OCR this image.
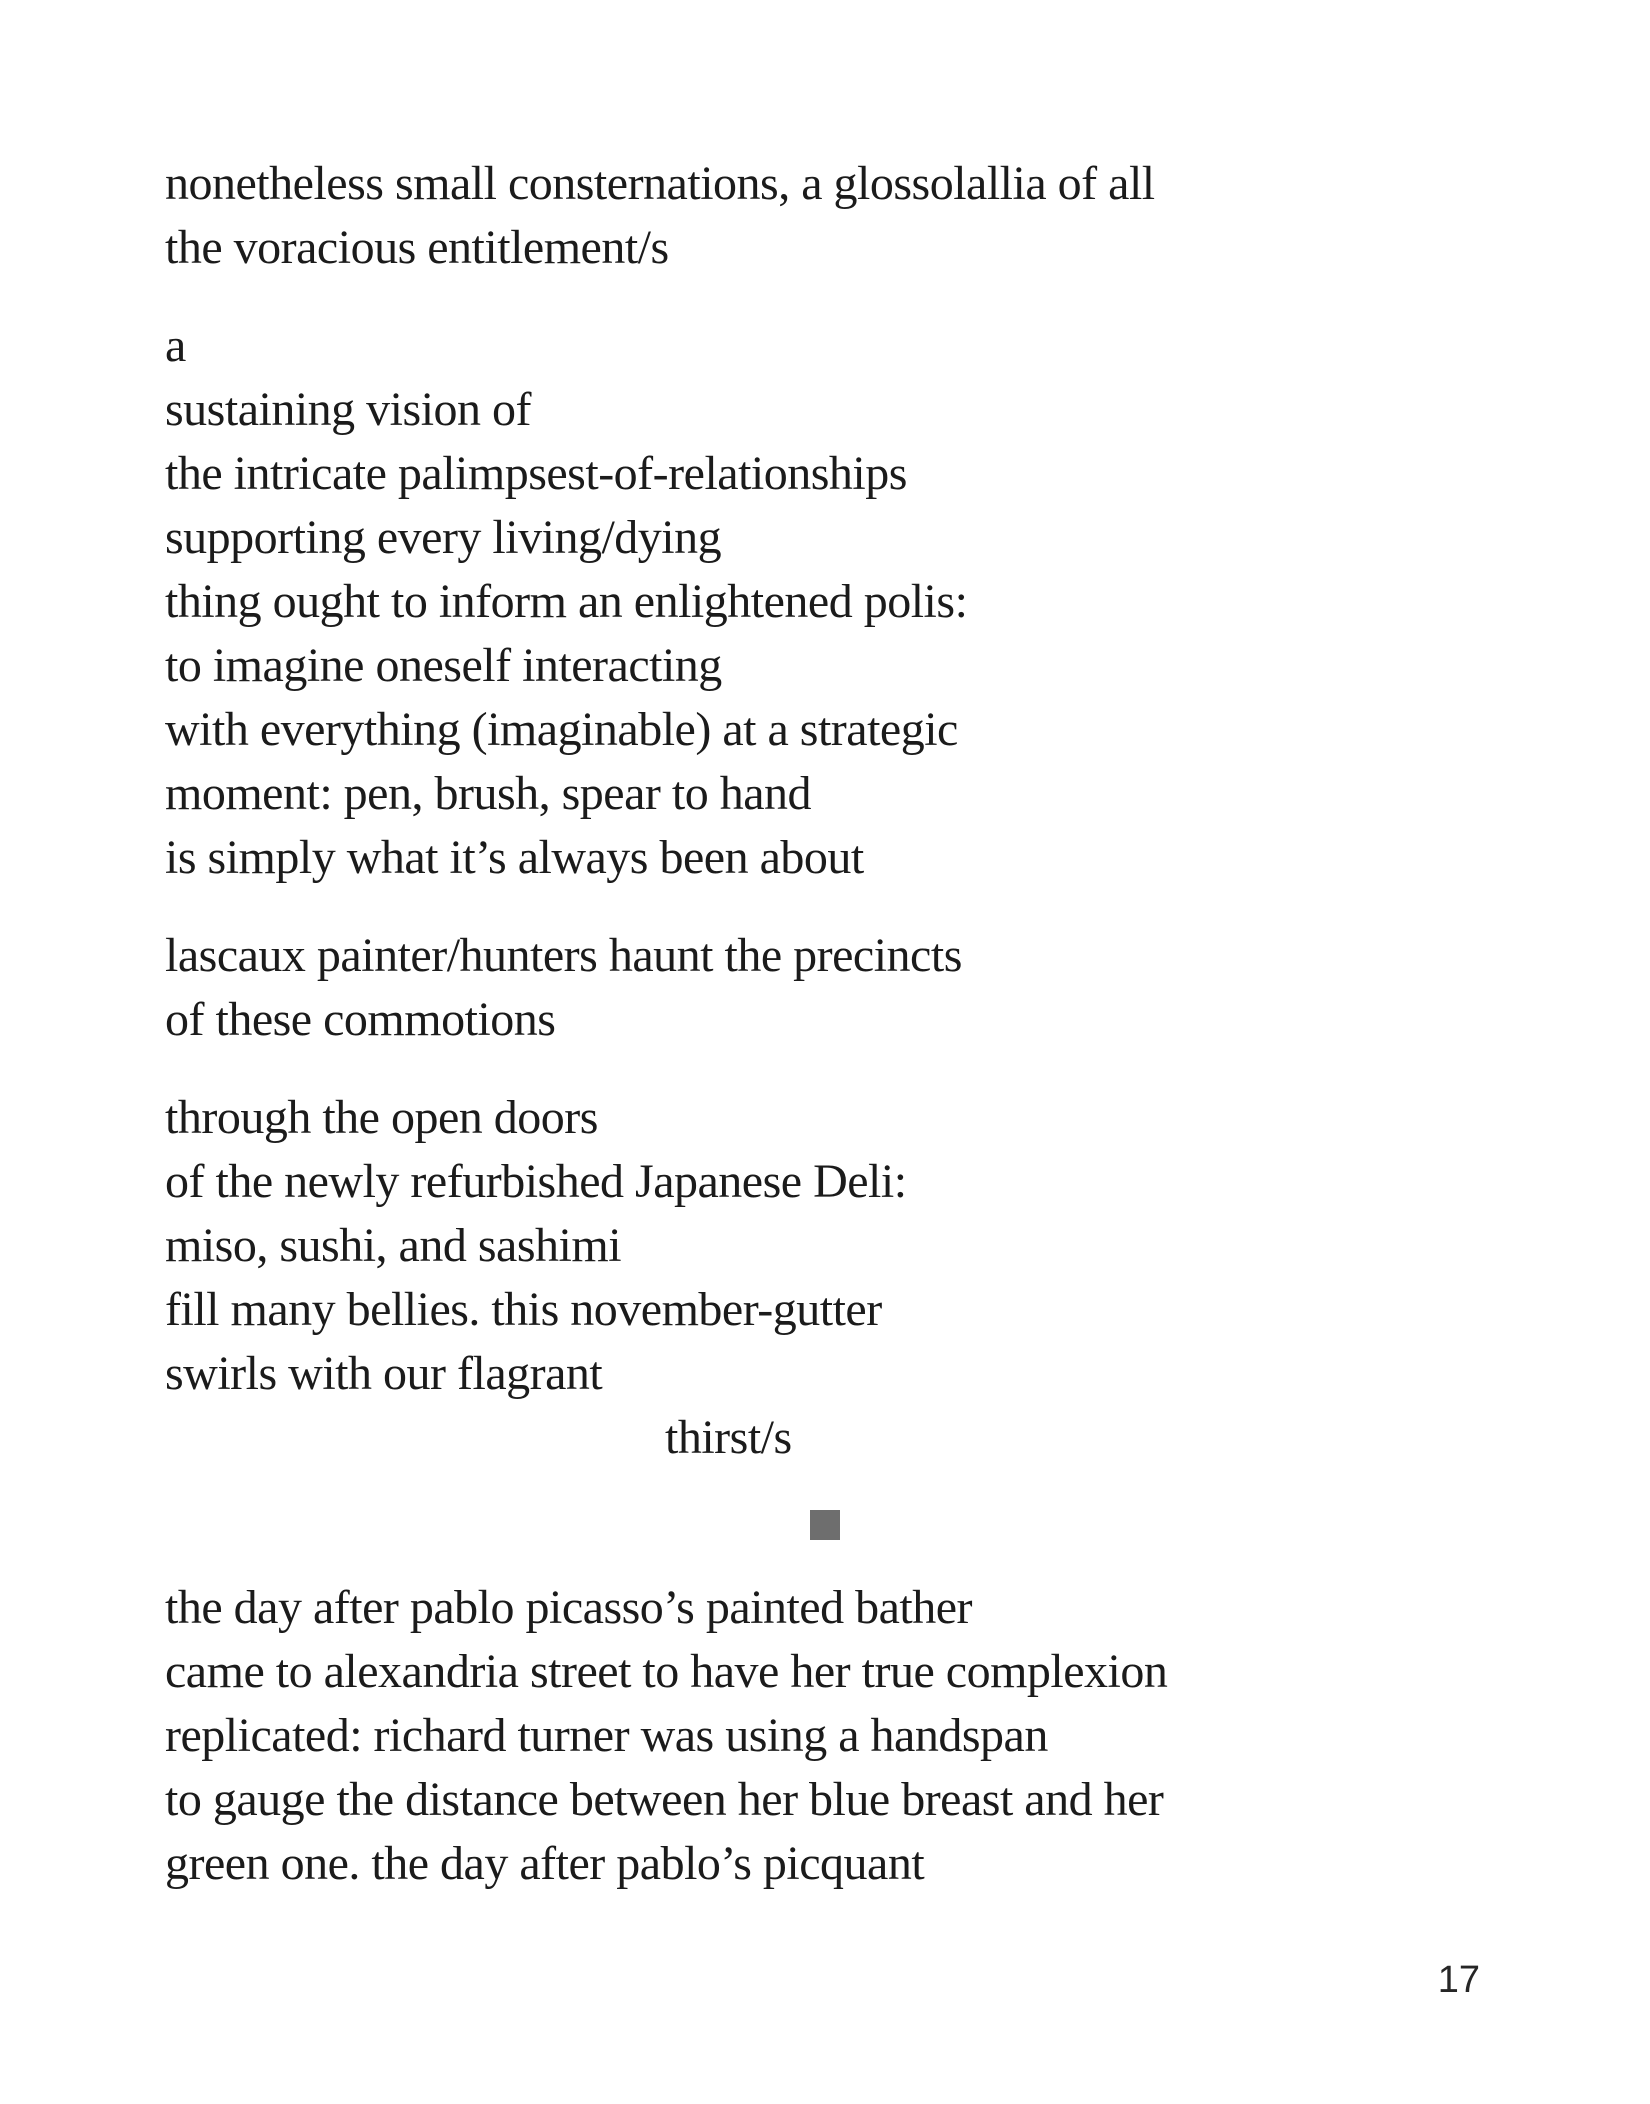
nonetheless small consternations, a glossolallia of all
the voracious entitlement/s
a
sustaining vision of
the intricate palimpsest-of-relationships
supporting every living/dying
thing ought to inform an enlightened polis:
to imagine oneself interacting
with everything (imaginable) at a strategic
moment: pen, brush, spear to hand
is simply what it’s always been about
lascaux painter/hunters haunt the precincts
of these commotions
through the open doors
of the newly refurbished Japanese Deli:
miso, sushi, and sashimi
fill many bellies. this november-gutter
swirls with our flagrant
thirst/s
the day after pablo picasso’s painted bather
came to alexandria street to have her true complexion
replicated: richard turner was using a handspan
to gauge the distance between her blue breast and her
green one. the day after pablo’s picquant
17
